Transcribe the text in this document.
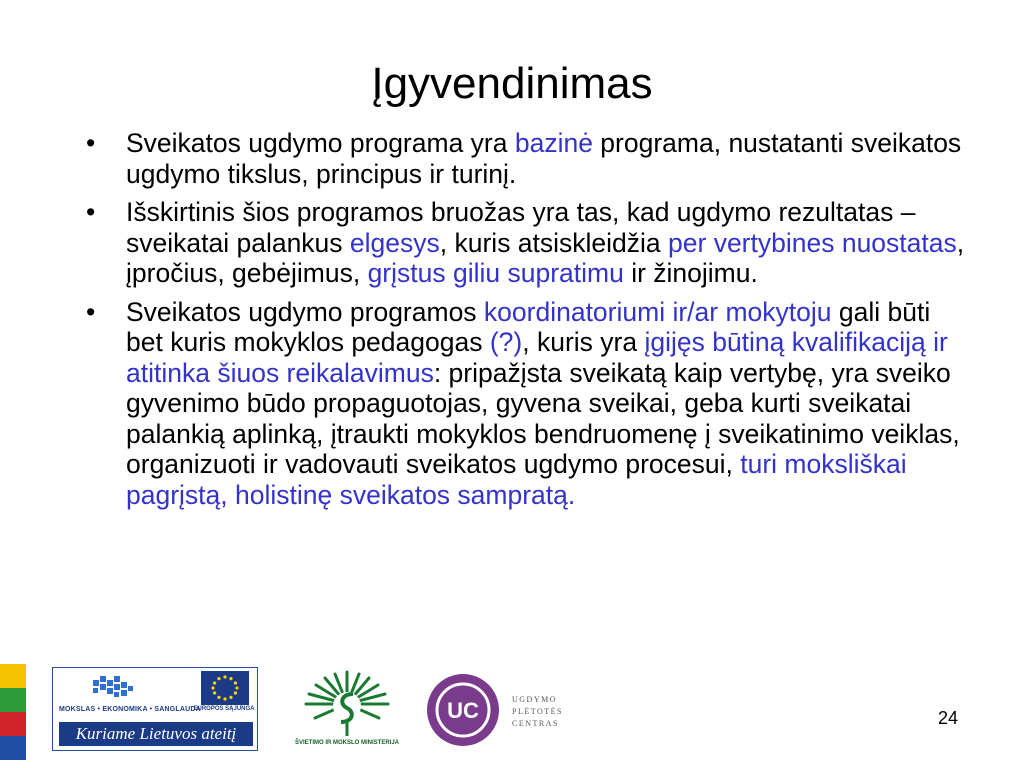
Įgyvendinimas
• Sveikatos ugdymo programa yra bazinė programa, nustatanti sveikatos ugdymo tikslus, principus ir turinį.
• Išskirtinis šios programos bruožas yra tas, kad ugdymo rezultatas – sveikatai palankus elgesys, kuris atsiskleidžia per vertybines nuostatas, įpročius, gebėjimus, grįstus giliu supratimu ir žinojimu.
• Sveikatos ugdymo programos koordinatoriumi ir/ar mokytoju gali būti bet kuris mokyklos pedagogas (?), kuris yra įgijęs būtiną kvalifikaciją ir atitinka šiuos reikalavimus: pripažįsta sveikatą kaip vertybę, yra sveiko gyvenimo būdo propaguotojas, gyvena sveikai, geba kurti sveikatai palankią aplinką, įtraukti mokyklos bendruomenę į sveikatinimo veiklas, organizuoti ir vadovauti sveikatos ugdymo procesui, turi moksliškai pagrįstą, holistinę sveikatos sampratą.
MOKSLAS • EKONOMIKA • SANGLAUDA
EUROPOS SĄJUNGA
Kuriame Lietuvos ateitį	ŠVIETIMO IR MOKSLO MINISTERIJA
UC	UGDYMO
PLĖTOTĖS
CENTRAS	24
